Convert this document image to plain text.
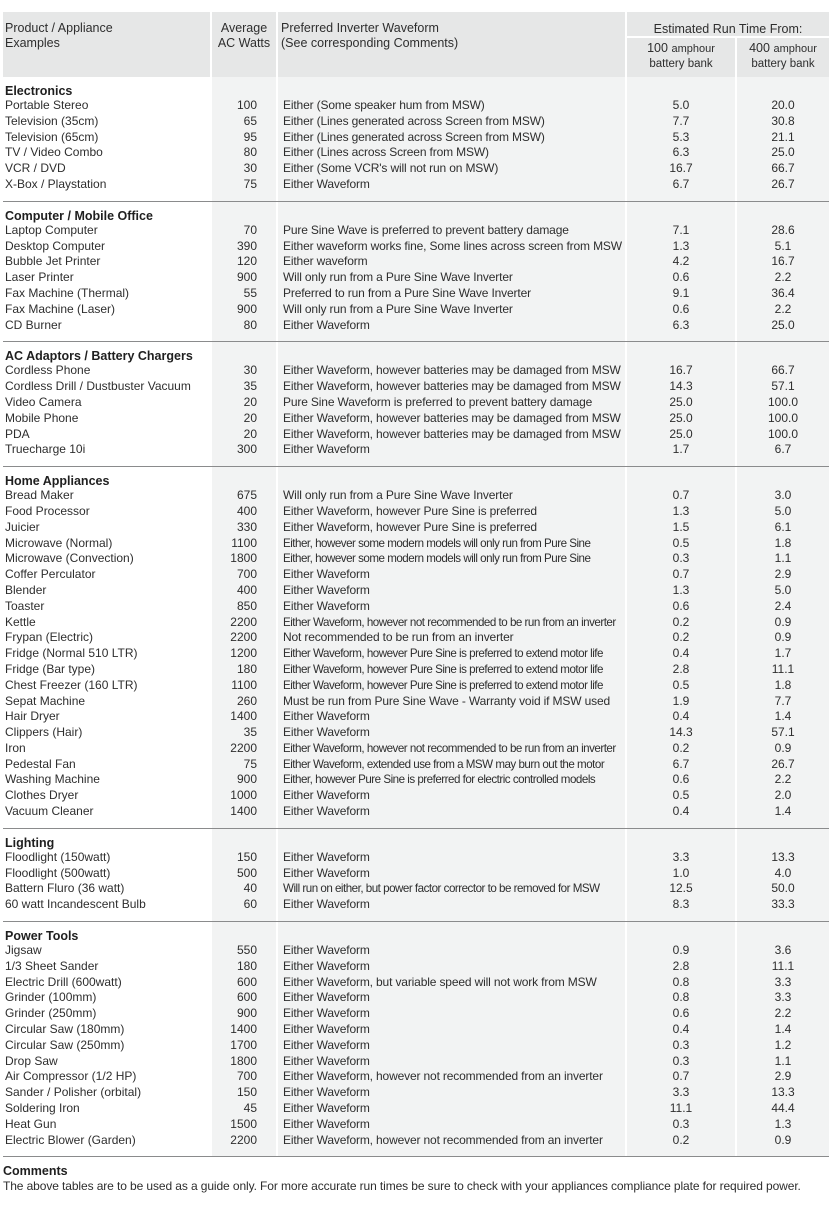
Product / Appliance
Examples
Average
AC Watts
Preferred Inverter Waveform
(See corresponding Comments)
Estimated Run Time From:
100 amphour
battery bank
400 amphour
battery bank
Electronics
Portable Stereo	100 Either (Some speaker hum from MSW)	5.0	20.0
Television (35cm)	65 Either (Lines generated across Screen from MSW)	7.7	30.8
Television (65cm)	95 Either (Lines generated across Screen from MSW)	5.3	21.1
TV / Video Combo	80 Either (Lines across Screen from MSW)	6.3	25.0
VCR / DVD	30 Either (Some VCR's will not run on MSW)	16.7	66.7
X-Box / Playstation	75 Either Waveform	6.7	26.7
Computer / Mobile Office
Laptop Computer	70 Pure Sine Wave is preferred to prevent battery damage	7.1	28.6
Desktop Computer	390 Either waveform works fine, Some lines across screen from MSW	1.3	5.1
Bubble Jet Printer	120 Either waveform	4.2	16.7
Laser Printer	900 Will only run from a Pure Sine Wave Inverter	0.6	2.2
Fax Machine (Thermal)	55 Preferred to run from a Pure Sine Wave Inverter	9.1	36.4
Fax Machine (Laser)	900 Will only run from a Pure Sine Wave Inverter	0.6	2.2
CD Burner	80 Either Waveform	6.3	25.0
AC Adaptors / Battery Chargers
Cordless Phone	30 Either Waveform, however batteries may be damaged from MSW	16.7	66.7
Cordless Drill / Dustbuster Vacuum	35 Either Waveform, however batteries may be damaged from MSW	14.3	57.1
Video Camera	20 Pure Sine Waveform is preferred to prevent battery damage	25.0	100.0
Mobile Phone	20 Either Waveform, however batteries may be damaged from MSW	25.0	100.0
PDA	20 Either Waveform, however batteries may be damaged from MSW	25.0	100.0
Truecharge 10i	300 Either Waveform	1.7	6.7
Home Appliances
Bread Maker	675 Will only run from a Pure Sine Wave Inverter	0.7	3.0
Food Processor	400 Either Waveform, however Pure Sine is preferred	1.3	5.0
Juicier	330 Either Waveform, however Pure Sine is preferred	1.5	6.1
Microwave (Normal)	1100 Either, however some modern models will only run from Pure Sine	0.5	1.8
Microwave (Convection)	1800 Either, however some modern models will only run from Pure Sine	0.3	1.1
Coffer Perculator	700 Either Waveform	0.7	2.9
Blender	400 Either Waveform	1.3	5.0
Toaster	850 Either Waveform	0.6	2.4
Kettle	2200 Either Waveform, however not recommended to be run from an inverter	0.2	0.9
Frypan (Electric)	2200 Not recommended to be run from an inverter	0.2	0.9
Fridge (Normal 510 LTR)	1200 Either Waveform, however Pure Sine is preferred to extend motor life	0.4	1.7
Fridge (Bar type)	180 Either Waveform, however Pure Sine is preferred to extend motor life	2.8	11.1
Chest Freezer (160 LTR)	1100 Either Waveform, however Pure Sine is preferred to extend motor life	0.5	1.8
Sepat Machine	260 Must be run from Pure Sine Wave - Warranty void if MSW used	1.9	7.7
Hair Dryer	1400 Either Waveform	0.4	1.4
Clippers (Hair)	35 Either Waveform	14.3	57.1
Iron	2200 Either Waveform, however not recommended to be run from an inverter	0.2	0.9
Pedestal Fan	75 Either Waveform, extended use from a MSW may burn out the motor	6.7	26.7
Washing Machine	900 Either, however Pure Sine is preferred for electric controlled models	0.6	2.2
Clothes Dryer	1000 Either Waveform	0.5	2.0
Vacuum Cleaner	1400 Either Waveform	0.4	1.4
Lighting
Floodlight (150watt)	150 Either Waveform	3.3	13.3
Floodlight (500watt)	500 Either Waveform	1.0	4.0
Battern Fluro (36 watt)	40 Will run on either, but power factor corrector to be removed for MSW	12.5	50.0
60 watt Incandescent Bulb	60 Either Waveform	8.3	33.3
Power Tools
Jigsaw	550 Either Waveform	0.9	3.6
1/3 Sheet Sander	180 Either Waveform	2.8	11.1
Electric Drill (600watt)	600 Either Waveform, but variable speed will not work from MSW	0.8	3.3
Grinder (100mm)	600 Either Waveform	0.8	3.3
Grinder (250mm)	900 Either Waveform	0.6	2.2
Circular Saw (180mm)	1400 Either Waveform	0.4	1.4
Circular Saw (250mm)	1700 Either Waveform	0.3	1.2
Drop Saw	1800 Either Waveform	0.3	1.1
Air Compressor (1/2 HP)	700 Either Waveform, however not recommended from an inverter	0.7	2.9
Sander / Polisher (orbital)	150 Either Waveform	3.3	13.3
Soldering Iron	45 Either Waveform	11.1	44.4
Heat Gun	1500 Either Waveform	0.3	1.3
Electric Blower (Garden)	2200 Either Waveform, however not recommended from an inverter	0.2	0.9
Comments
The above tables are to be used as a guide only. For more accurate run times be sure to check with your appliances compliance plate for required power.
